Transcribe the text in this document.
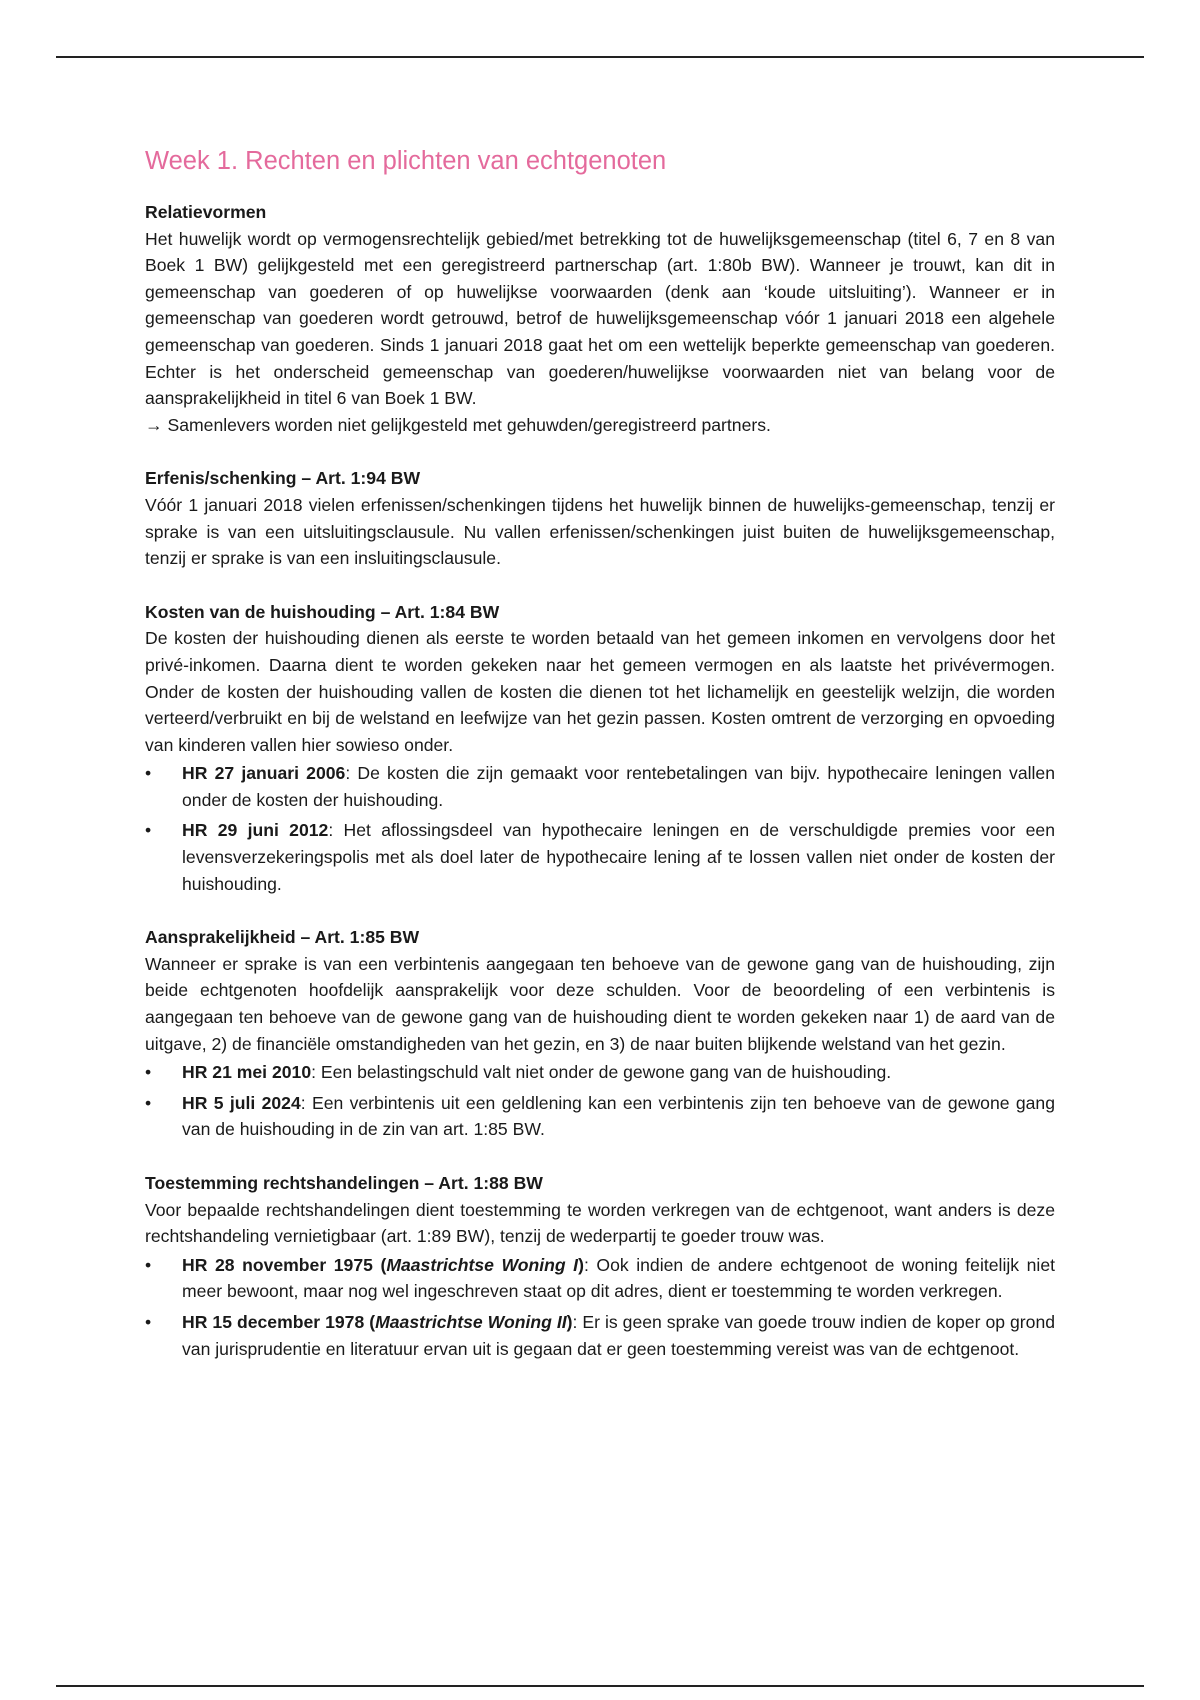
Week 1. Rechten en plichten van echtgenoten
Relatievormen

Het huwelijk wordt op vermogensrechtelijk gebied/met betrekking tot de huwelijksgemeenschap (titel 6, 7 en 8 van Boek 1 BW) gelijkgesteld met een geregistreerd partnerschap (art. 1:80b BW). Wanneer je trouwt, kan dit in gemeenschap van goederen of op huwelijkse voorwaarden (denk aan ‘koude uitsluiting’). Wanneer er in gemeenschap van goederen wordt getrouwd, betrof de huwelijksgemeenschap vóór 1 januari 2018 een algehele gemeenschap van goederen. Sinds 1 januari 2018 gaat het om een wettelijk beperkte gemeenschap van goederen. Echter is het onderscheid gemeenschap van goederen/huwelijkse voorwaarden niet van belang voor de aansprakelijkheid in titel 6 van Boek 1 BW.

→ Samenlevers worden niet gelijkgesteld met gehuwden/geregistreerd partners.

Erfenis/schenking – Art. 1:94 BW

Vóór 1 januari 2018 vielen erfenissen/schenkingen tijdens het huwelijk binnen de huwelijks-gemeenschap, tenzij er sprake is van een uitsluitingsclausule. Nu vallen erfenissen/schenkingen juist buiten de huwelijksgemeenschap, tenzij er sprake is van een insluitingsclausule.

Kosten van de huishouding – Art. 1:84 BW

De kosten der huishouding dienen als eerste te worden betaald van het gemeen inkomen en vervolgens door het privé-inkomen. Daarna dient te worden gekeken naar het gemeen vermogen en als laatste het privévermogen. Onder de kosten der huishouding vallen de kosten die dienen tot het lichamelijk en geestelijk welzijn, die worden verteerd/verbruikt en bij de welstand en leefwijze van het gezin passen. Kosten omtrent de verzorging en opvoeding van kinderen vallen hier sowieso onder.

• HR 27 januari 2006: De kosten die zijn gemaakt voor rentebetalingen van bijv. hypothecaire leningen vallen onder de kosten der huishouding.
• HR 29 juni 2012: Het aflossingsdeel van hypothecaire leningen en de verschuldigde premies voor een levensverzekeringspolis met als doel later de hypothecaire lening af te lossen vallen niet onder de kosten der huishouding.
Aansprakelijkheid – Art. 1:85 BW

Wanneer er sprake is van een verbintenis aangegaan ten behoeve van de gewone gang van de huishouding, zijn beide echtgenoten hoofdelijk aansprakelijk voor deze schulden. Voor de beoordeling of een verbintenis is aangegaan ten behoeve van de gewone gang van de huishouding dient te worden gekeken naar 1) de aard van de uitgave, 2) de financiële omstandigheden van het gezin, en 3) de naar buiten blijkende welstand van het gezin.

• HR 21 mei 2010: Een belastingschuld valt niet onder de gewone gang van de huishouding.
• HR 5 juli 2024: Een verbintenis uit een geldlening kan een verbintenis zijn ten behoeve van de gewone gang van de huishouding in de zin van art. 1:85 BW.
Toestemming rechtshandelingen – Art. 1:88 BW

Voor bepaalde rechtshandelingen dient toestemming te worden verkregen van de echtgenoot, want anders is deze rechtshandeling vernietigbaar (art. 1:89 BW), tenzij de wederpartij te goeder trouw was.

• HR 28 november 1975 (Maastrichtse Woning I): Ook indien de andere echtgenoot de woning feitelijk niet meer bewoont, maar nog wel ingeschreven staat op dit adres, dient er toestemming te worden verkregen.
• HR 15 december 1978 (Maastrichtse Woning II): Er is geen sprake van goede trouw indien de koper op grond van jurisprudentie en literatuur ervan uit is gegaan dat er geen toestemming vereist was van de echtgenoot.
